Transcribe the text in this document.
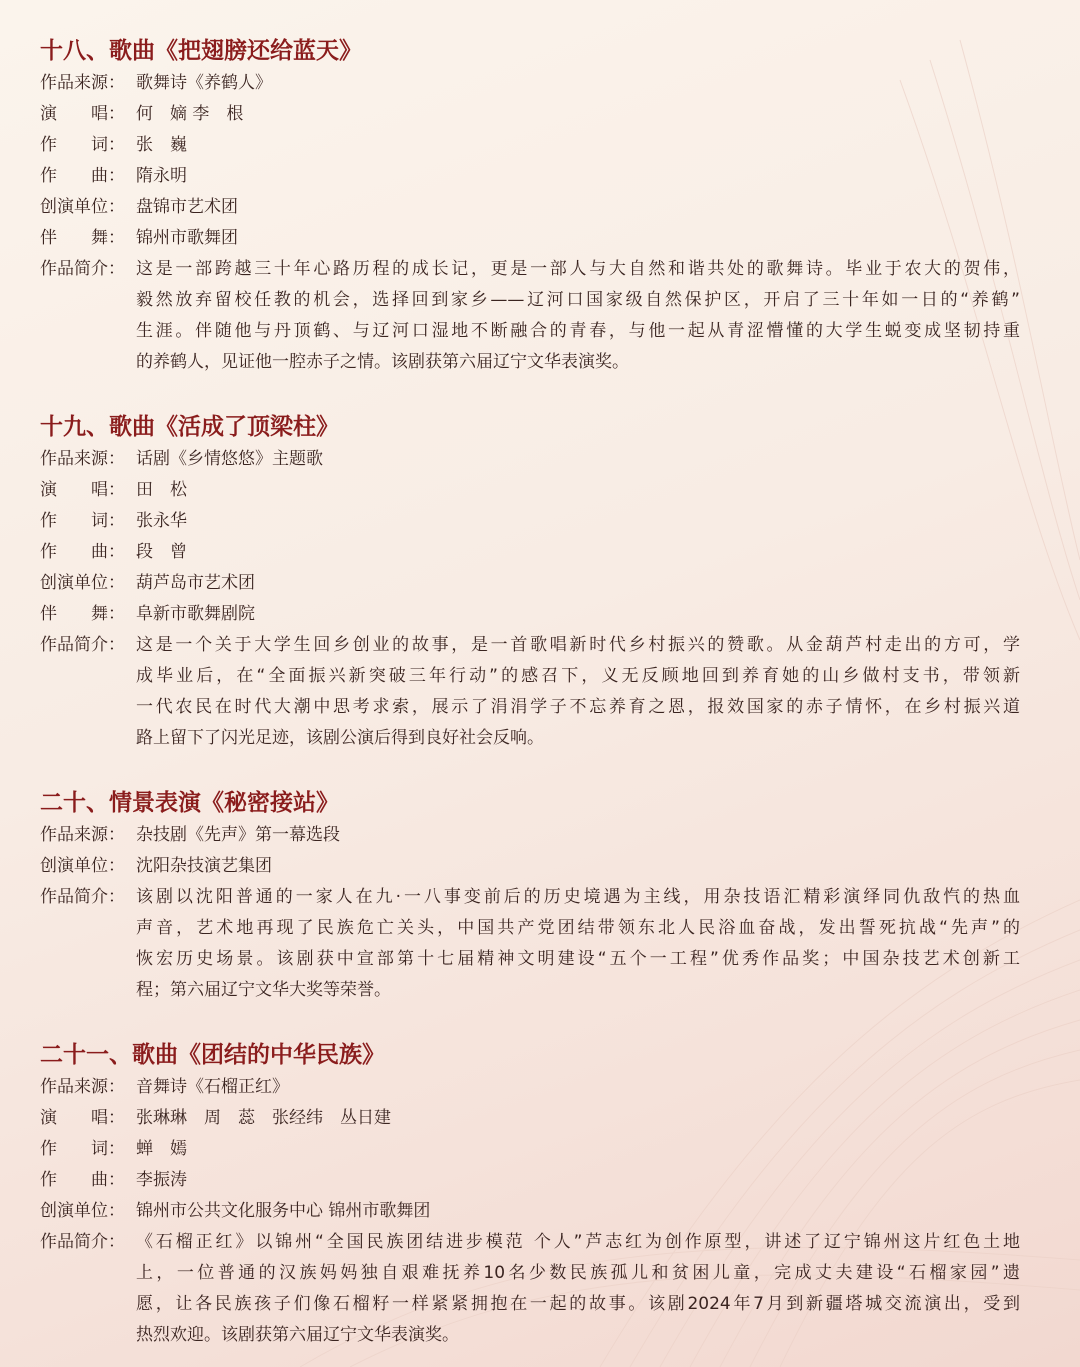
十八、歌曲《把翅膀还给蓝天》
作品来源： 歌舞诗《养鹤人》
演　　唱： 何　嫡 李　根
作　　词： 张　巍
作　　曲： 隋永明
创演单位： 盘锦市艺术团
伴　　舞： 锦州市歌舞团
作品简介： 这是一部跨越三十年心路历程的成长记，更是一部人与大自然和谐共处的歌舞诗。毕业于农大的贺伟，
毅然放弃留校任教的机会，选择回到家乡——辽河口国家级自然保护区，开启了三十年如一日的“养鹤”
生涯。伴随他与丹顶鹤、与辽河口湿地不断融合的青春，与他一起从青涩懵懂的大学生蜕变成坚韧持重
的养鹤人，见证他一腔赤子之情。该剧获第六届辽宁文华表演奖。
十九、歌曲《活成了顶梁柱》
作品来源： 话剧《乡情悠悠》主题歌
演　　唱： 田　松
作　　词： 张永华
作　　曲： 段　曾
创演单位： 葫芦岛市艺术团
伴　　舞： 阜新市歌舞剧院
作品简介： 这是一个关于大学生回乡创业的故事，是一首歌唱新时代乡村振兴的赞歌。从金葫芦村走出的方可，学
成毕业后，在“全面振兴新突破三年行动”的感召下，义无反顾地回到养育她的山乡做村支书，带领新
一代农民在时代大潮中思考求索，展示了涓涓学子不忘养育之恩，报效国家的赤子情怀，在乡村振兴道
路上留下了闪光足迹，该剧公演后得到良好社会反响。
二十、情景表演《秘密接站》
作品来源： 杂技剧《先声》第一幕选段
创演单位： 沈阳杂技演艺集团
作品简介： 该剧以沈阳普通的一家人在九·一八事变前后的历史境遇为主线，用杂技语汇精彩演绎同仇敌忾的热血
声音，艺术地再现了民族危亡关头，中国共产党团结带领东北人民浴血奋战，发出誓死抗战“先声”的
恢宏历史场景。该剧获中宣部第十七届精神文明建设“五个一工程”优秀作品奖；中国杂技艺术创新工
程；第六届辽宁文华大奖等荣誉。
二十一、歌曲《团结的中华民族》
作品来源： 音舞诗《石榴正红》
演　　唱： 张琳琳　周　蕊　张经纬　丛日建
作　　词： 蝉　嫣
作　　曲： 李振涛
创演单位： 锦州市公共文化服务中心 锦州市歌舞团
作品简介： 《石榴正红》以锦州“全国民族团结进步模范 个人”芦志红为创作原型，讲述了辽宁锦州这片红色土地
上，一位普通的汉族妈妈独自艰难抚养10名少数民族孤儿和贫困儿童，完成丈夫建设“石榴家园”遗
愿，让各民族孩子们像石榴籽一样紧紧拥抱在一起的故事。该剧2024年7月到新疆塔城交流演出，受到
热烈欢迎。该剧获第六届辽宁文华表演奖。
